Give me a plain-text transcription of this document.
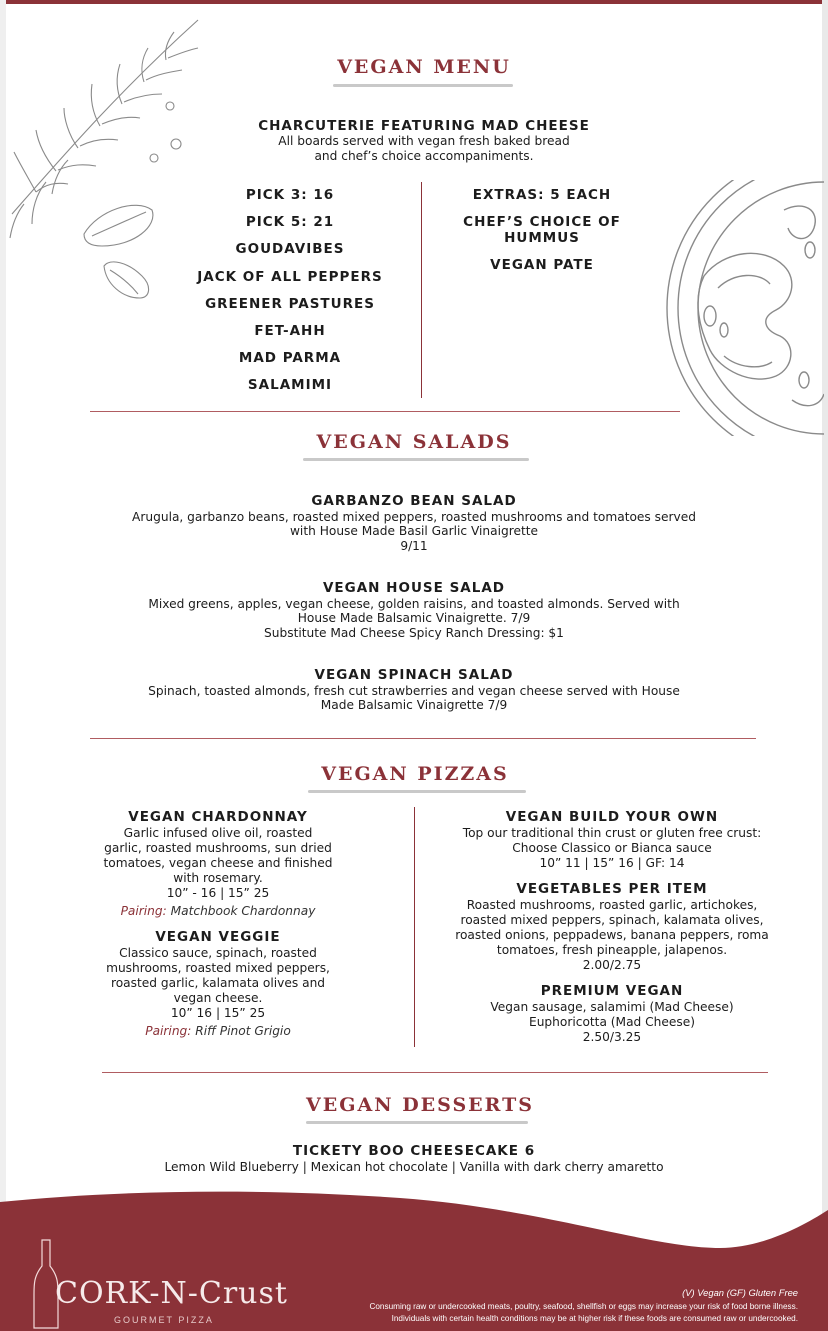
VEGAN MENU
CHARCUTERIE FEATURING MAD CHEESE
All boards served with vegan fresh baked bread
and chef’s choice accompaniments.
PICK 3: 16
PICK 5: 21
GOUDAVIBES
JACK OF ALL PEPPERS
GREENER PASTURES
FET-AHH
MAD PARMA
SALAMIMI
EXTRAS: 5 EACH
CHEF’S CHOICE OF
HUMMUS
VEGAN PATE
VEGAN SALADS
GARBANZO BEAN SALAD
Arugula, garbanzo beans, roasted mixed peppers, roasted mushrooms and tomatoes served
with House Made Basil Garlic Vinaigrette
9/11
VEGAN HOUSE SALAD
Mixed greens, apples, vegan cheese, golden raisins, and toasted almonds. Served with
House Made Balsamic Vinaigrette. 7/9
Substitute Mad Cheese Spicy Ranch Dressing: $1
VEGAN SPINACH SALAD
Spinach, toasted almonds, fresh cut strawberries and vegan cheese served with House
Made Balsamic Vinaigrette 7/9
VEGAN PIZZAS
VEGAN CHARDONNAY
Garlic infused olive oil, roasted
garlic, roasted mushrooms, sun dried
tomatoes, vegan cheese and finished
with rosemary.
10” - 16 | 15” 25
Pairing: Matchbook Chardonnay
VEGAN VEGGIE
Classico sauce, spinach, roasted
mushrooms, roasted mixed peppers,
roasted garlic, kalamata olives and
vegan cheese.
10” 16 | 15” 25
Pairing: Riff Pinot Grigio
VEGAN BUILD YOUR OWN
Top our traditional thin crust or gluten free crust:
Choose Classico or Bianca sauce
10” 11 | 15” 16 | GF: 14
VEGETABLES PER ITEM
Roasted mushrooms, roasted garlic, artichokes,
roasted mixed peppers, spinach, kalamata olives,
roasted onions, peppadews, banana peppers, roma
tomatoes, fresh pineapple, jalapenos.
2.00/2.75
PREMIUM VEGAN
Vegan sausage, salamimi (Mad Cheese)
Euphoricotta (Mad Cheese)
2.50/3.25
VEGAN DESSERTS
TICKETY BOO CHEESECAKE 6
Lemon Wild Blueberry | Mexican hot chocolate | Vanilla with dark cherry amaretto
CORK-N-Crust
GOURMET PIZZA
(V) Vegan (GF) Gluten Free
Consuming raw or undercooked meats, poultry, seafood, shellfish or eggs may increase your risk of food borne illness.
Individuals with certain health conditions may be at higher risk if these foods are consumed raw or undercooked.
